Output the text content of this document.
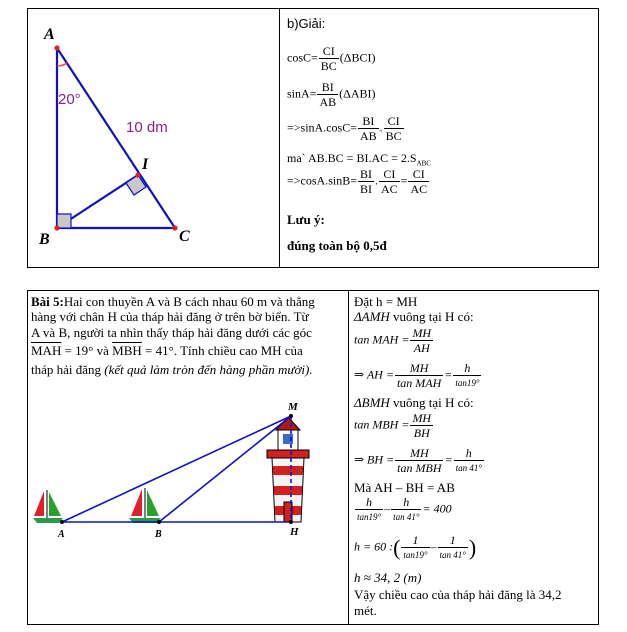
A
B	C
I
20°
10 dm
b)Giải:
$\cos C= \frac{CI}{BC} (\Delta BCI)$
$\sin A= \frac{BI}{AB} (\Delta ABI)$
$=>\sin A.\cos C= \frac{BI}{AB}$ . $\frac{CI}{BC}$
ma` $AB.BC = BI.AC = 2.S_{ABC}$
$=>\cos A.\sin B= \frac{BI}{BI}$ . $\frac{CI}{AC} = \frac{CI}{AC}$
Lưu ý:
đúng toàn bộ 0,5đ
Bài 5:Hai con thuyền A và B cách nhau 60 m và thẳng
hàng với chân H của tháp hải đăng ở trên bờ biển. Từ
A và B, người ta nhìn thấy tháp hải đăng dưới các góc
$\overline{MAH} = 19^\circ$ và $\overline{MBH} = 41^\circ$. Tính chiều cao MH của
tháp hải đăng (kết quả làm tròn đến hàng phần mười).
A	B	H
M
Đặt h = MH
ΔAMH vuông tại H có:
tan MAH = $\frac{MH}{AH}$
⇒ AH = $\frac{MH}{\text{tan MAH}} = \frac{h}{\tan 19^\circ}$
ΔBMH vuông tại H có:
tan MBH = $\frac{MH}{BH}$
⇒ BH = $\frac{MH}{\text{tan MBH}} = \frac{h}{\tan 41^\circ}$
Mà AH – BH = AB
$\frac{h}{\tan 19^\circ} - \frac{h}{\tan 41^\circ} = 400$
h = 60 :( $\frac{1}{\tan 19^\circ} - \frac{1}{\tan 41^\circ}$ )
h ≈ 34, 2 (m)
Vậy chiều cao của tháp hải đăng là 34,2
mét.
